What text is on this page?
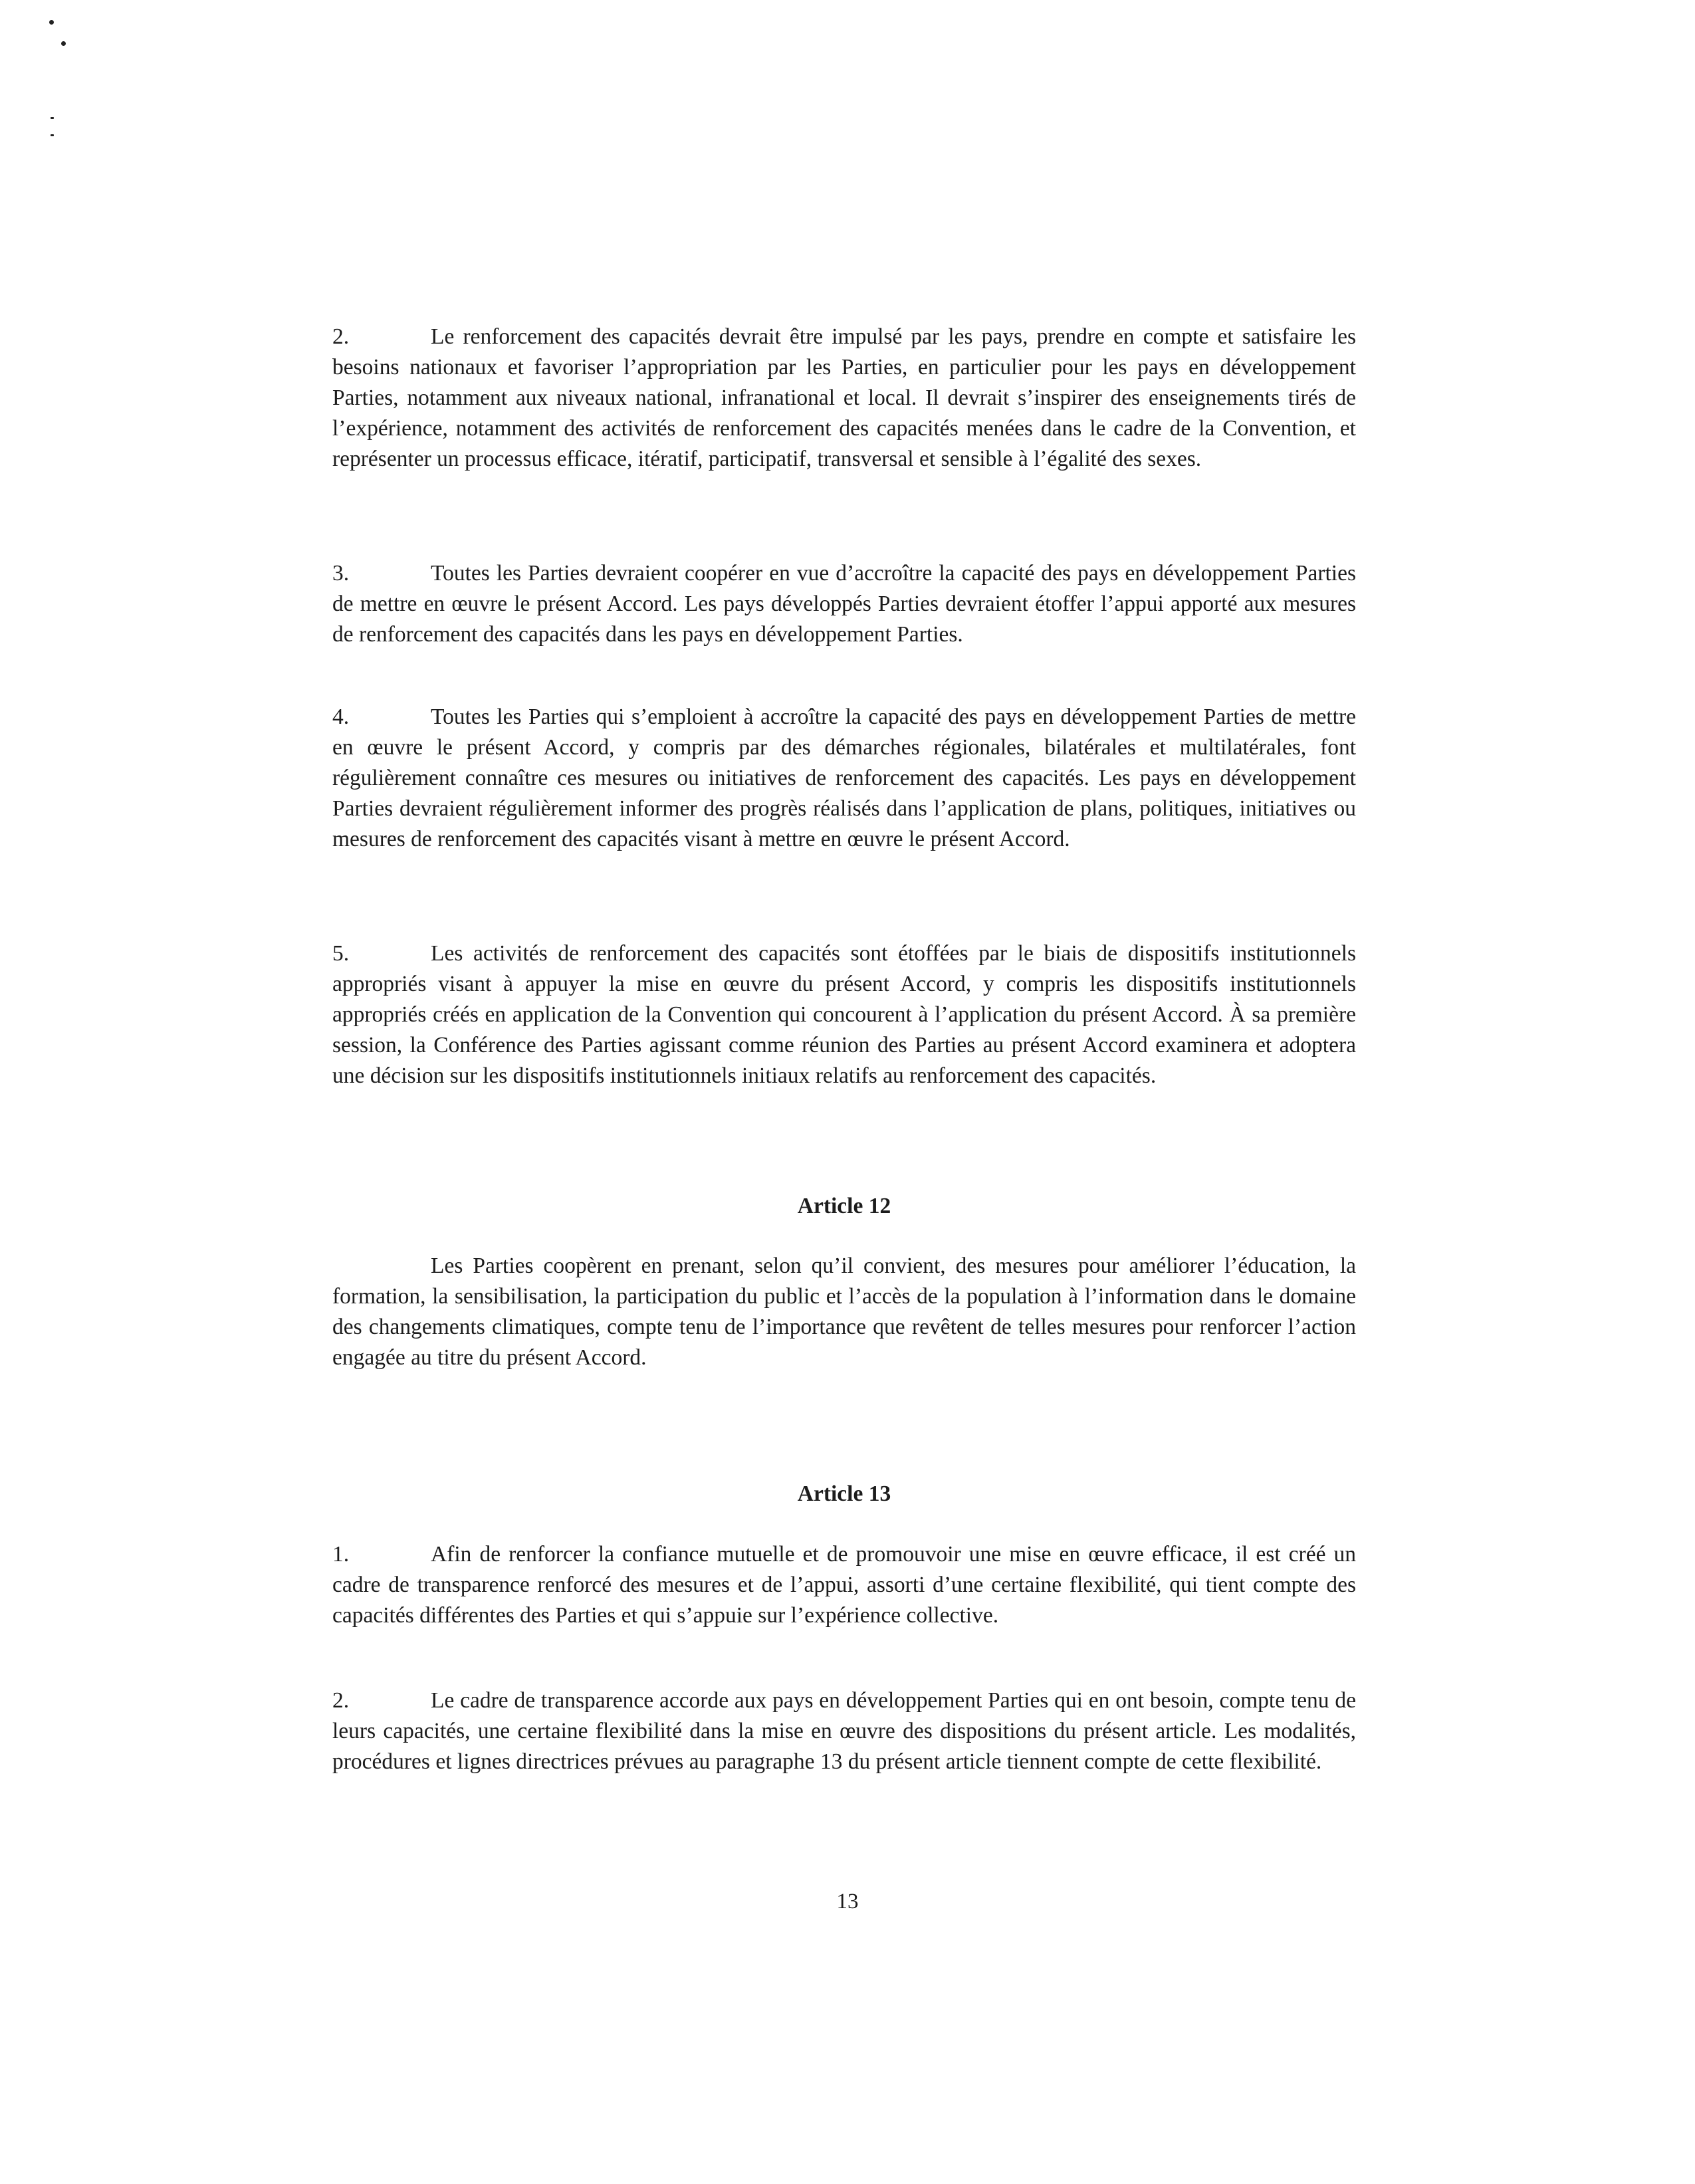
2.	Le renforcement des capacités devrait être impulsé par les pays, prendre en compte et satisfaire les besoins nationaux et favoriser l’appropriation par les Parties, en particulier pour les pays en développement Parties, notamment aux niveaux national, infranational et local. Il devrait s’inspirer des enseignements tirés de l’expérience, notamment des activités de renforcement des capacités menées dans le cadre de la Convention, et représenter un processus efficace, itératif, participatif, transversal et sensible à l’égalité des sexes.

3.	Toutes les Parties devraient coopérer en vue d’accroître la capacité des pays en développement Parties de mettre en œuvre le présent Accord. Les pays développés Parties devraient étoffer l’appui apporté aux mesures de renforcement des capacités dans les pays en développement Parties.

4.	Toutes les Parties qui s’emploient à accroître la capacité des pays en développement Parties de mettre en œuvre le présent Accord, y compris par des démarches régionales, bilatérales et multilatérales, font régulièrement connaître ces mesures ou initiatives de renforcement des capacités. Les pays en développement Parties devraient régulièrement informer des progrès réalisés dans l’application de plans, politiques, initiatives ou mesures de renforcement des capacités visant à mettre en œuvre le présent Accord.

5.	Les activités de renforcement des capacités sont étoffées par le biais de dispositifs institutionnels appropriés visant à appuyer la mise en œuvre du présent Accord, y compris les dispositifs institutionnels appropriés créés en application de la Convention qui concourent à l’application du présent Accord. À sa première session, la Conférence des Parties agissant comme réunion des Parties au présent Accord examinera et adoptera une décision sur les dispositifs institutionnels initiaux relatifs au renforcement des capacités.

Article 12

Les Parties coopèrent en prenant, selon qu’il convient, des mesures pour améliorer l’éducation, la formation, la sensibilisation, la participation du public et l’accès de la population à l’information dans le domaine des changements climatiques, compte tenu de l’importance que revêtent de telles mesures pour renforcer l’action engagée au titre du présent Accord.

Article 13

1.	Afin de renforcer la confiance mutuelle et de promouvoir une mise en œuvre efficace, il est créé un cadre de transparence renforcé des mesures et de l’appui, assorti d’une certaine flexibilité, qui tient compte des capacités différentes des Parties et qui s’appuie sur l’expérience collective.

2.	Le cadre de transparence accorde aux pays en développement Parties qui en ont besoin, compte tenu de leurs capacités, une certaine flexibilité dans la mise en œuvre des dispositions du présent article. Les modalités, procédures et lignes directrices prévues au paragraphe 13 du présent article tiennent compte de cette flexibilité.

13
